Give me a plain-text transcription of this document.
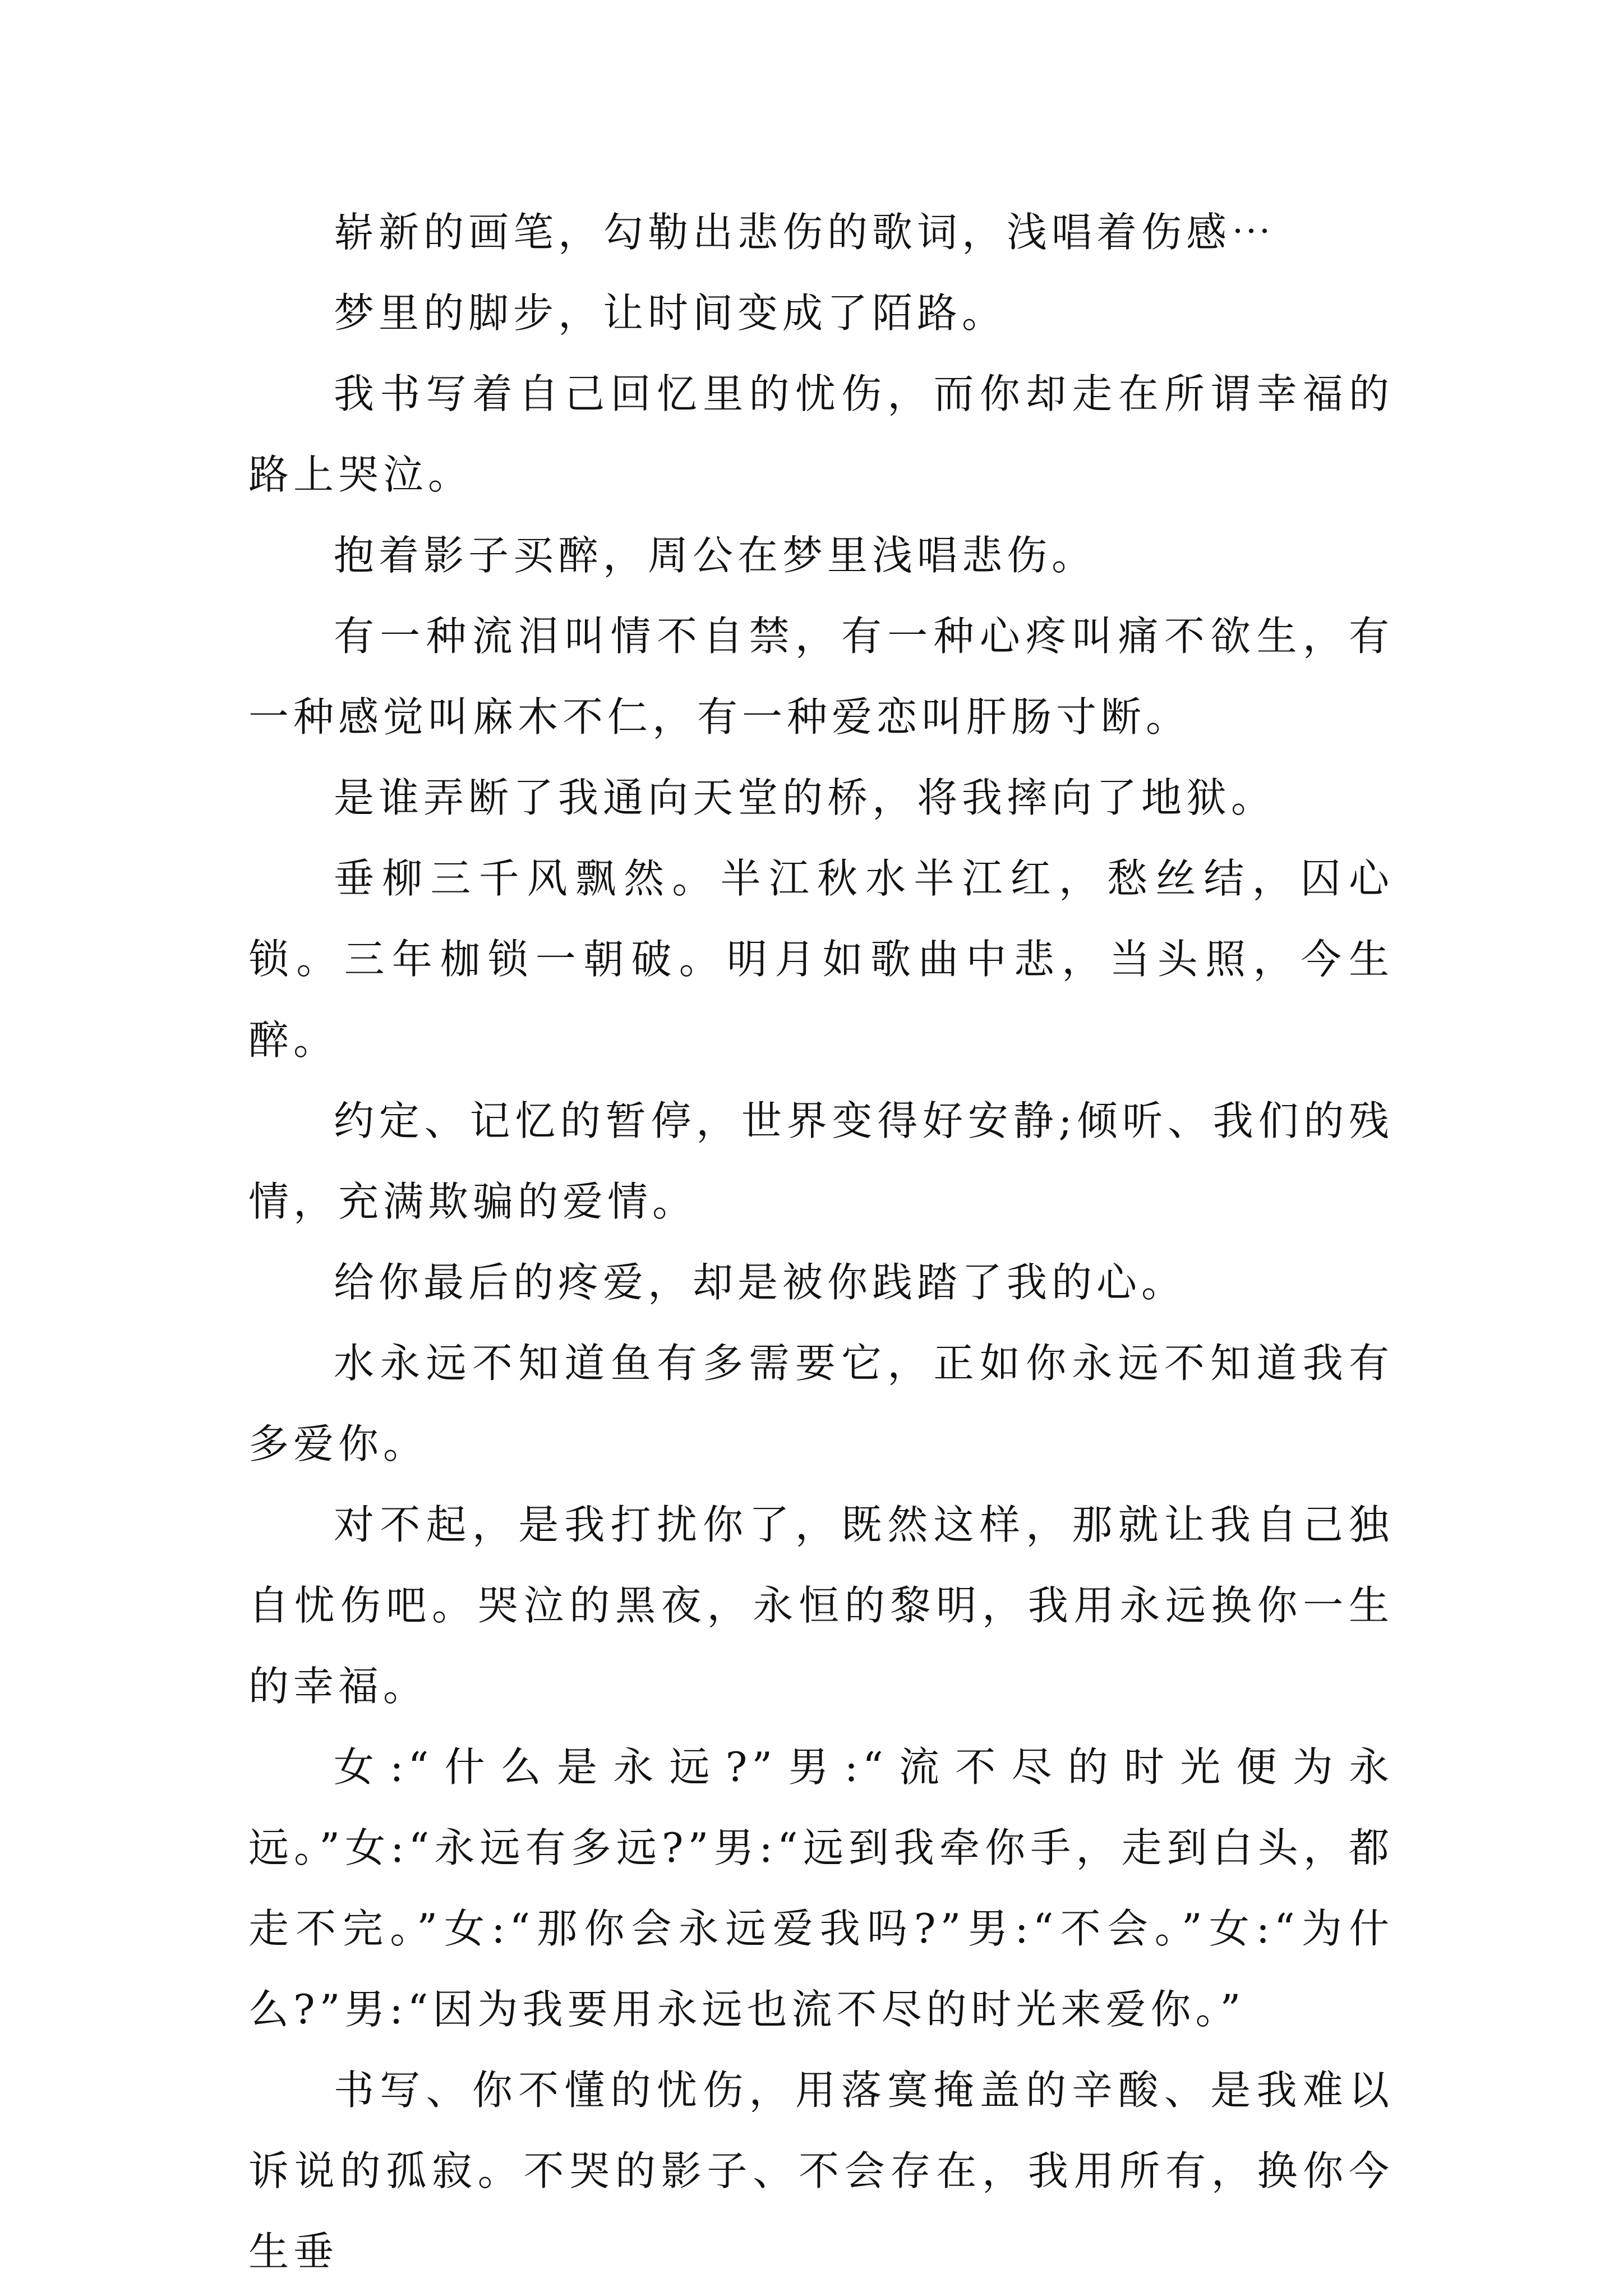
崭新的画笔，勾勒出悲伤的歌词，浅唱着伤感⋯

梦里的脚步，让时间变成了陌路。

我书写着自己回忆里的忧伤，而你却走在所谓幸福的路上哭泣。

抱着影子买醉，周公在梦里浅唱悲伤。

有一种流泪叫情不自禁，有一种心疼叫痛不欲生，有一种感觉叫麻木不仁，有一种爱恋叫肝肠寸断。

是谁弄断了我通向天堂的桥，将我摔向了地狱。

垂柳三千风飘然。半江秋水半江红，愁丝结，囚心锁。三年枷锁一朝破。明月如歌曲中悲，当头照，今生醉。

约定、记忆的暂停，世界变得好安静;倾听、我们的残情，充满欺骗的爱情。

给你最后的疼爱，却是被你践踏了我的心。

水永远不知道鱼有多需要它，正如你永远不知道我有多爱你。

对不起，是我打扰你了，既然这样，那就让我自己独自忧伤吧。哭泣的黑夜，永恒的黎明，我用永远换你一生的幸福。

女:“什么是永远?”男:“流不尽的时光便为永远。”女:“永远有多远?”男:“远到我牵你手，走到白头，都走不完。”女:“那你会永远爱我吗?”男:“不会。”女:“为什么?”男:“因为我要用永远也流不尽的时光来爱你。”

书写、你不懂的忧伤，用落寞掩盖的辛酸、是我难以诉说的孤寂。不哭的影子、不会存在，我用所有，换你今生垂
